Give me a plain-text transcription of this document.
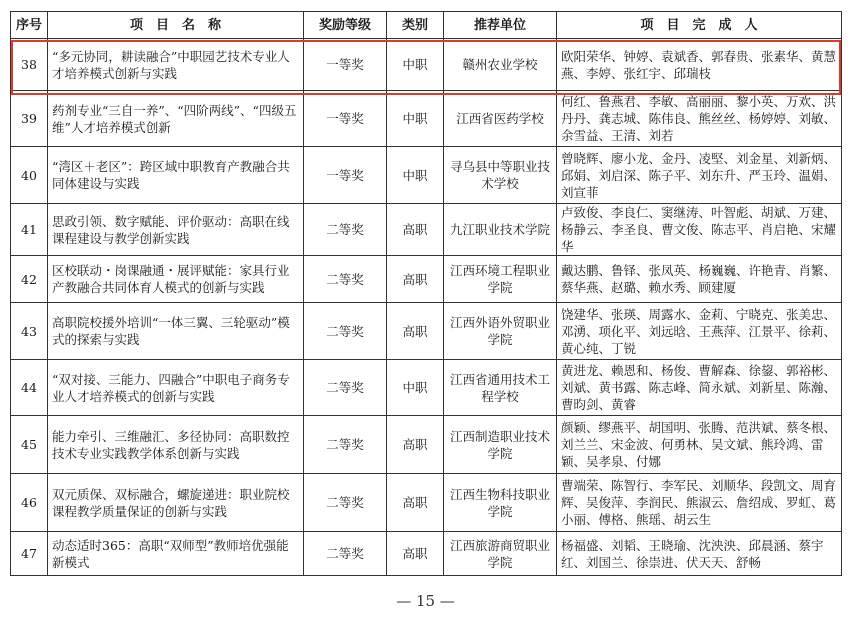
序号	项　目　名　称	奖励等级	类别	推荐单位	项　目　完　成　人
38	“多元协同，耕读融合”中职园艺技术专业人才培养模式创新与实践	一等奖	中职	赣州农业学校	欧阳荣华、钟婷、袁斌香、郭春贵、张素华、黄慧燕、李婷、张红宇、邱瑞枝
39	药剂专业“三自一养”、“四阶两线”、“四级五维”人才培养模式创新	一等奖	中职	江西省医药学校	何红、鲁燕君、李敏、高丽丽、黎小英、万欢、洪丹丹、龚志城、陈伟良、熊丝丝、杨婷婷、刘敏、余雪益、王清、刘若
40	“湾区＋老区”：跨区域中职教育产教融合共同体建设与实践	一等奖	中职	寻乌县中等职业技术学校	曾晓辉、廖小龙、金丹、凌堅、刘金星、刘新炳、邱娟、刘启深、陈子平、刘东升、严玉玲、温娟、刘宣菲
41	思政引领、数字赋能、评价驱动：高职在线课程建设与教学创新实践	二等奖	高职	九江职业技术学院	卢致俊、李良仁、窦继涛、叶智彪、胡斌、万建、杨静云、李圣良、曹文俊、陈志平、肖启艳、宋耀华
42	区校联动・岗课融通・展评赋能：家具行业产教融合共同体育人模式的创新与实践	二等奖	高职	江西环境工程职业学院	戴达鹏、鲁铎、张凤英、杨巍巍、许艳青、肖繁、蔡华燕、赵璐、赖水秀、顾建厦
43	高职院校援外培训“一体三翼、三轮驱动”模式的探索与实践	二等奖	高职	江西外语外贸职业学院	饶建华、张瑛、周露水、金莉、宁晓克、张美忠、邓湧、项化平、刘远晗、王燕萍、江景平、徐莉、黄心纯、丁锐
44	“双对接、三能力、四融合”中职电子商务专业人才培养模式的创新与实践	二等奖	中职	江西省通用技术工程学校	黄进龙、赖恩和、杨俊、曹解森、徐鋆、郭裕彬、刘斌、黄书露、陈志峰、简永斌、刘新星、陈瀚、曹昀剑、黄睿
45	能力牵引、三维融汇、多径协同：高职数控技术专业实践教学体系创新与实践	二等奖	高职	江西制造职业技术学院	颜颖、缪燕平、胡国明、张腾、范洪斌、蔡冬根、刘兰兰、宋金波、何勇林、吴文斌、熊玲鸿、雷颖、吴孝泉、付娜
46	双元质保、双标融合，螺旋递进：职业院校课程教学质量保证的创新与实践	二等奖	高职	江西生物科技职业学院	曹端荣、陈智行、李军民、刘顺华、段凯文、周育辉、吴俊萍、李润民、熊淑云、詹绍成、罗虹、葛小丽、傅格、熊瑶、胡云生
47	动态适时365：高职“双师型”教师培优强能新模式	二等奖	高职	江西旅游商贸职业学院	杨福盛、刘韬、王晓瑜、沈泱泱、邱晨涵、蔡宇红、刘国兰、徐崇进、伏天天、舒畅
— 15 —
